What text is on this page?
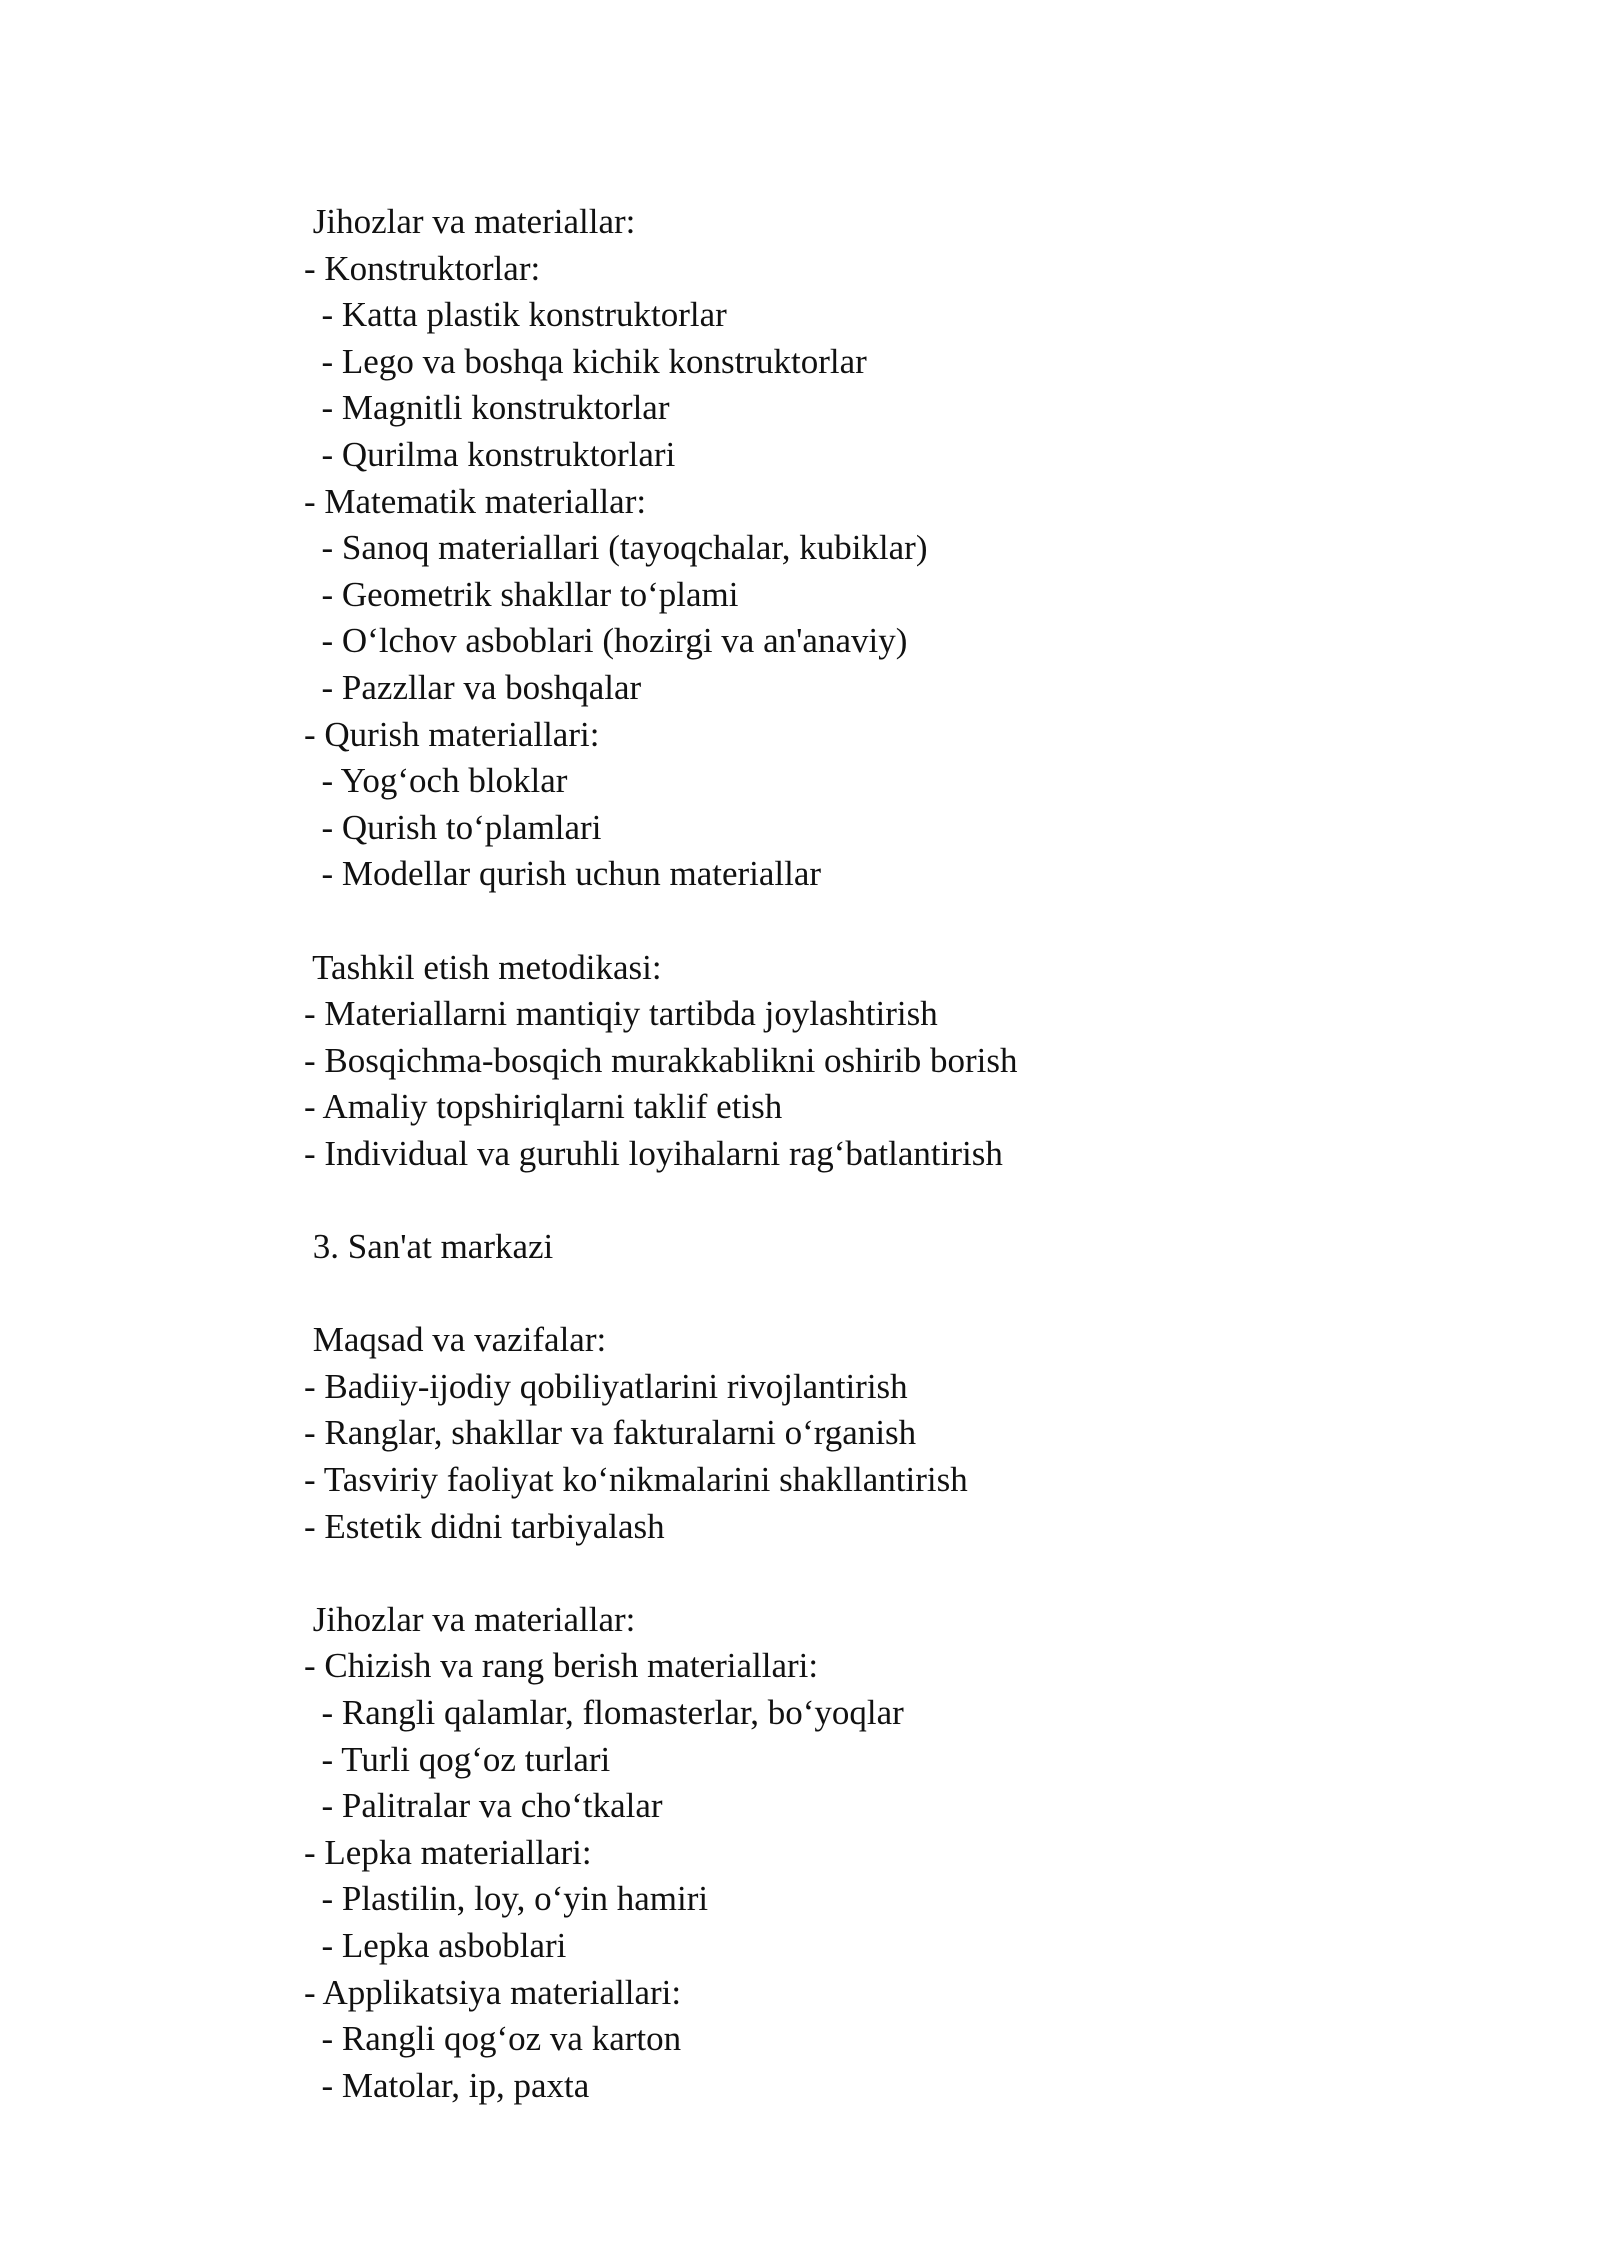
Jihozlar va materiallar:
- Konstruktorlar:
- Katta plastik konstruktorlar
- Lego va boshqa kichik konstruktorlar
- Magnitli konstruktorlar
- Qurilma konstruktorlari
- Matematik materiallar:
- Sanoq materiallari (tayoqchalar, kubiklar)
- Geometrik shakllar to‘plami
- O‘lchov asboblari (hozirgi va an'anaviy)
- Pazzllar va boshqalar
- Qurish materiallari:
- Yog‘och bloklar
- Qurish to‘plamlari
- Modellar qurish uchun materiallar
Tashkil etish metodikasi:
- Materiallarni mantiqiy tartibda joylashtirish
- Bosqichma-bosqich murakkablikni oshirib borish
- Amaliy topshiriqlarni taklif etish
- Individual va guruhli loyihalarni rag‘batlantirish
3. San'at markazi
Maqsad va vazifalar:
- Badiiy-ijodiy qobiliyatlarini rivojlantirish
- Ranglar, shakllar va fakturalarni o‘rganish
- Tasviriy faoliyat ko‘nikmalarini shakllantirish
- Estetik didni tarbiyalash
Jihozlar va materiallar:
- Chizish va rang berish materiallari:
- Rangli qalamlar, flomasterlar, bo‘yoqlar
- Turli qog‘oz turlari
- Palitralar va cho‘tkalar
- Lepka materiallari:
- Plastilin, loy, o‘yin hamiri
- Lepka asboblari
- Applikatsiya materiallari:
- Rangli qog‘oz va karton
- Matolar, ip, paxta
